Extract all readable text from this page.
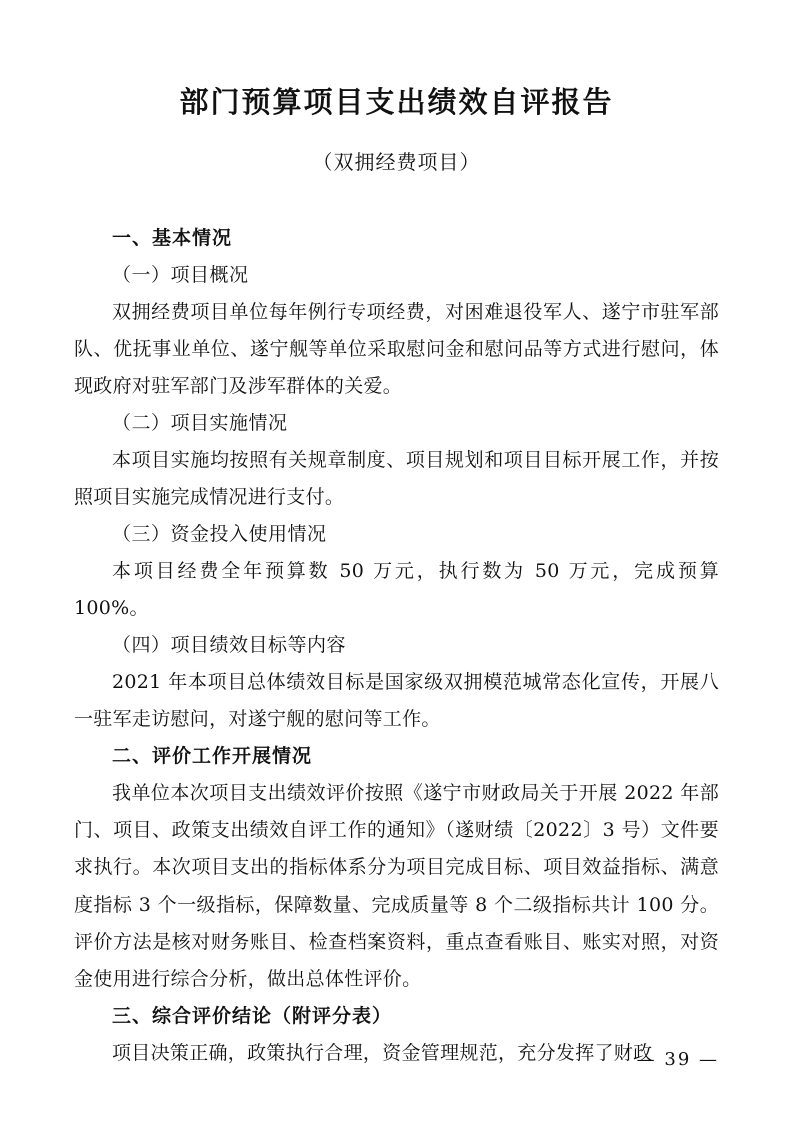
部门预算项目支出绩效自评报告
（双拥经费项目）

一、基本情况

（一）项目概况

双拥经费项目单位每年例行专项经费，对困难退役军人、遂宁市驻军部队、优抚事业单位、遂宁舰等单位采取慰问金和慰问品等方式进行慰问，体现政府对驻军部门及涉军群体的关爱。

（二）项目实施情况

本项目实施均按照有关规章制度、项目规划和项目目标开展工作，并按照项目实施完成情况进行支付。

（三）资金投入使用情况

本项目经费全年预算数 50 万元，执行数为 50 万元，完成预算 100%。

（四）项目绩效目标等内容

2021 年本项目总体绩效目标是国家级双拥模范城常态化宣传，开展八一驻军走访慰问，对遂宁舰的慰问等工作。

二、评价工作开展情况

我单位本次项目支出绩效评价按照《遂宁市财政局关于开展 2022 年部门、项目、政策支出绩效自评工作的通知》（遂财绩〔2022〕3 号）文件要求执行。本次项目支出的指标体系分为项目完成目标、项目效益指标、满意度指标 3 个一级指标，保障数量、完成质量等 8 个二级指标共计 100 分。评价方法是核对财务账目、检查档案资料，重点查看账目、账实对照，对资金使用进行综合分析，做出总体性评价。

三、综合评价结论（附评分表）

项目决策正确，政策执行合理，资金管理规范，充分发挥了财政

— 39 —
